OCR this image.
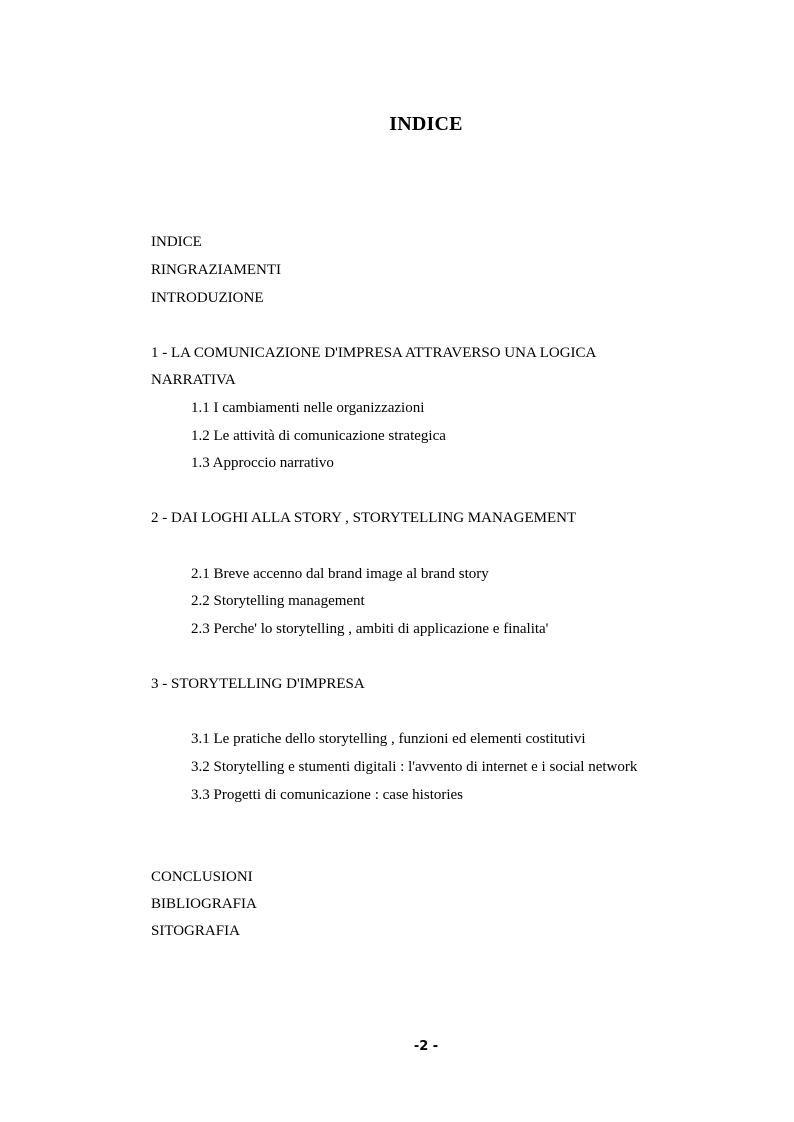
INDICE
INDICE
RINGRAZIAMENTI
INTRODUZIONE
1 - LA COMUNICAZIONE D'IMPRESA ATTRAVERSO UNA LOGICA
NARRATIVA
1.1 I cambiamenti nelle organizzazioni
1.2 Le attività di comunicazione strategica
1.3 Approccio narrativo
2 - DAI LOGHI ALLA STORY , STORYTELLING MANAGEMENT
2.1 Breve accenno dal brand image al brand story
2.2 Storytelling management
2.3 Perche' lo storytelling , ambiti di applicazione e finalita'
3 - STORYTELLING D'IMPRESA
3.1 Le pratiche dello storytelling , funzioni ed elementi costitutivi
3.2 Storytelling e stumenti digitali : l'avvento di internet e i social network
3.3 Progetti di comunicazione : case histories
CONCLUSIONI
BIBLIOGRAFIA
SITOGRAFIA
-2 -
